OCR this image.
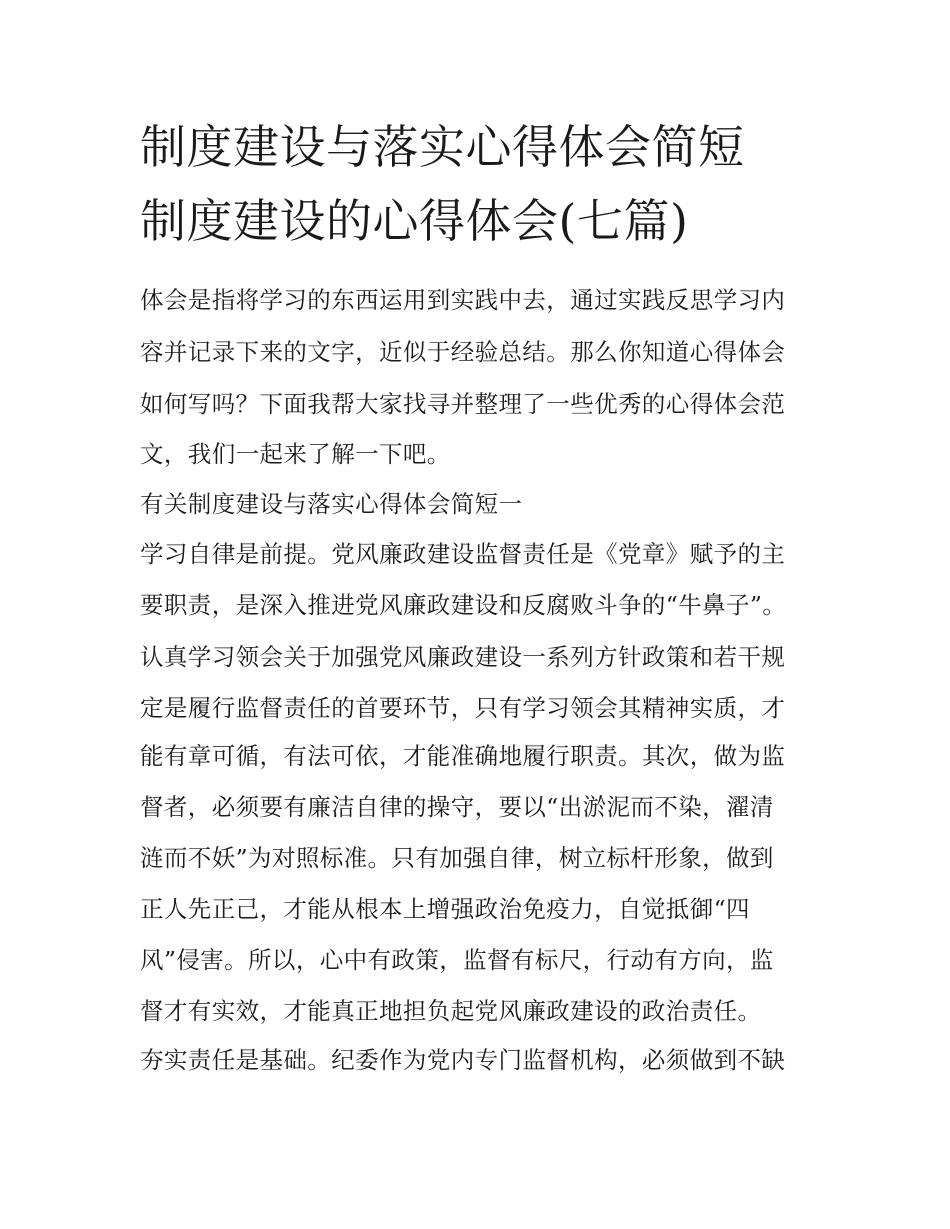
制度建设与落实心得体会简短
制度建设的心得体会(七篇)
体会是指将学习的东西运用到实践中去，通过实践反思学习内
容并记录下来的文字，近似于经验总结。那么你知道心得体会
如何写吗？下面我帮大家找寻并整理了一些优秀的心得体会范
文，我们一起来了解一下吧。
有关制度建设与落实心得体会简短一
学习自律是前提。党风廉政建设监督责任是《党章》赋予的主
要职责，是深入推进党风廉政建设和反腐败斗争的“牛鼻子”。
认真学习领会关于加强党风廉政建设一系列方针政策和若干规
定是履行监督责任的首要环节，只有学习领会其精神实质，才
能有章可循，有法可依，才能准确地履行职责。其次，做为监
督者，必须要有廉洁自律的操守，要以“出淤泥而不染，濯清
涟而不妖”为对照标准。只有加强自律，树立标杆形象，做到
正人先正己，才能从根本上增强政治免疫力，自觉抵御“四
风”侵害。所以，心中有政策，监督有标尺，行动有方向，监
督才有实效，才能真正地担负起党风廉政建设的政治责任。
夯实责任是基础。纪委作为党内专门监督机构，必须做到不缺
